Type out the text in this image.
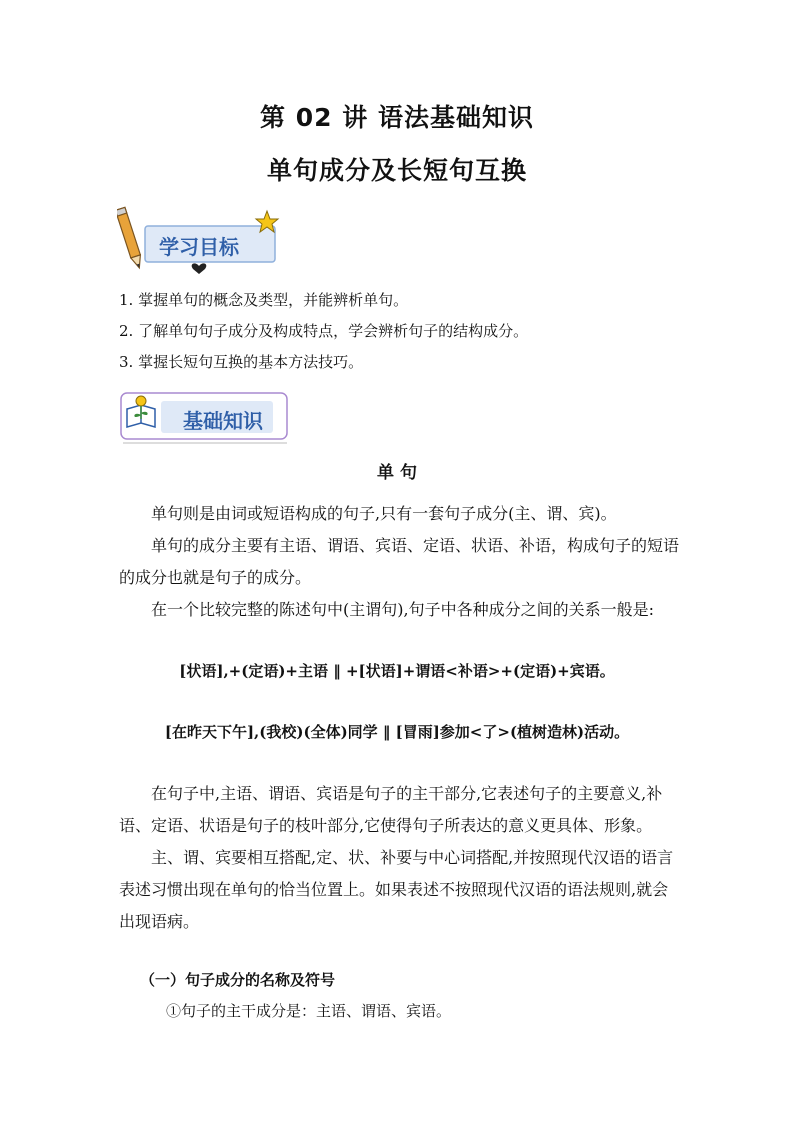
第 02 讲 语法基础知识
单句成分及长短句互换
学习目标
1. 掌握单句的概念及类型，并能辨析单句。
2. 了解单句句子成分及构成特点，学会辨析句子的结构成分。
3. 掌握长短句互换的基本方法技巧。
基础知识
单 句
单句则是由词或短语构成的句子,只有一套句子成分(主、谓、宾)。
单句的成分主要有主语、谓语、宾语、定语、状语、补语，构成句子的短语的成分也就是句子的成分。
在一个比较完整的陈述句中(主谓句),句子中各种成分之间的关系一般是:
[状语],+(定语)+主语 ‖ +[状语]+谓语<补语>+(定语)+宾语。
[在昨天下午],(我校)(全体)同学 ‖ [冒雨]参加<了>(植树造林)活动。
在句子中,主语、谓语、宾语是句子的主干部分,它表述句子的主要意义,补语、定语、状语是句子的枝叶部分,它使得句子所表达的意义更具体、形象。
主、谓、宾要相互搭配,定、状、补要与中心词搭配,并按照现代汉语的语言表述习惯出现在单句的恰当位置上。如果表述不按照现代汉语的语法规则,就会出现语病。
（一）句子成分的名称及符号
①句子的主干成分是：主语、谓语、宾语。
